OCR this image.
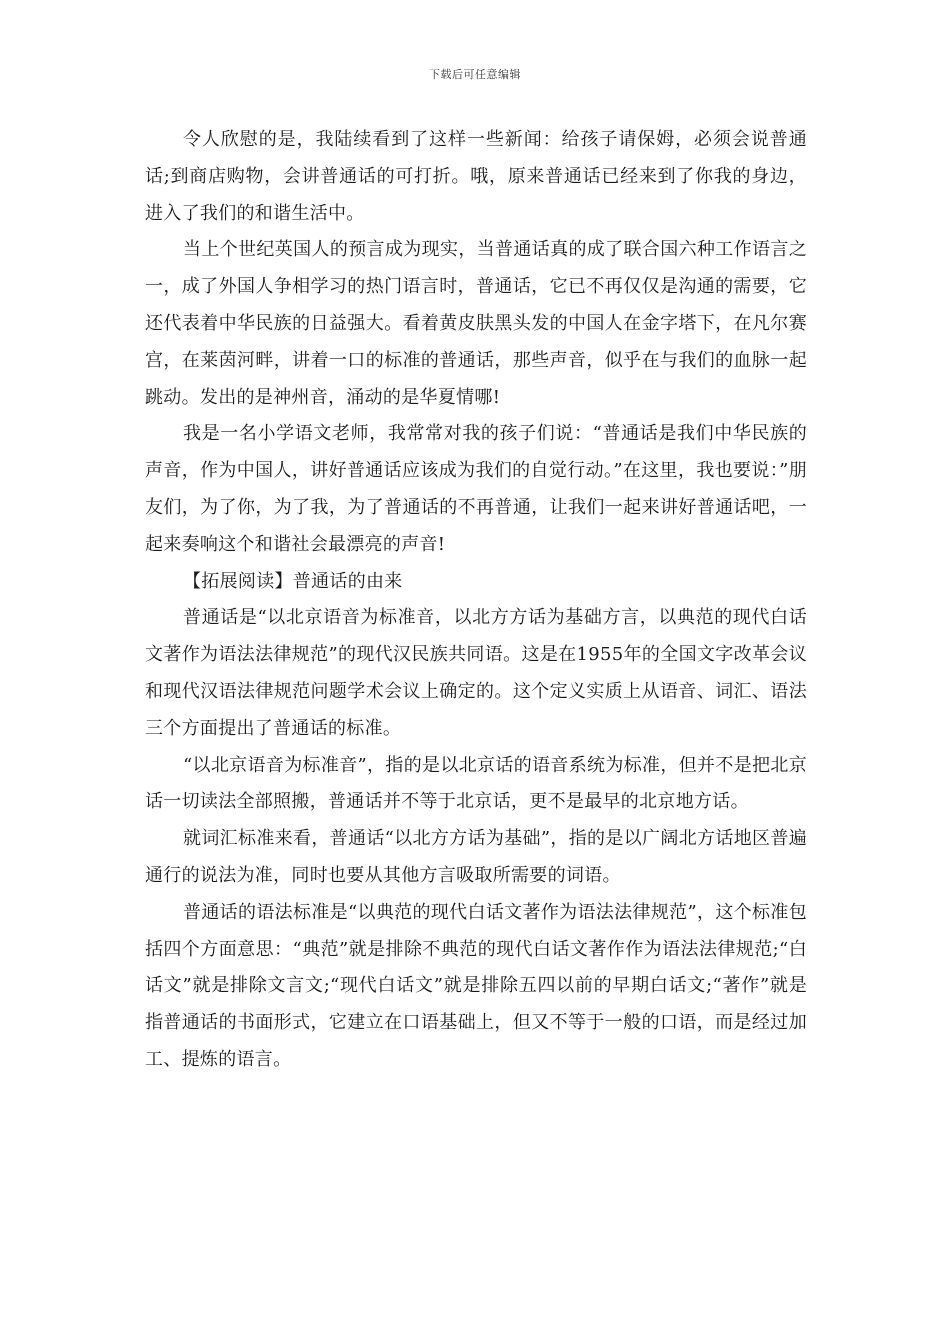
下载后可任意编辑

令人欣慰的是，我陆续看到了这样一些新闻：给孩子请保姆，必须会说普通话;到商店购物，会讲普通话的可打折。哦，原来普通话已经来到了你我的身边，进入了我们的和谐生活中。

当上个世纪英国人的预言成为现实，当普通话真的成了联合国六种工作语言之一，成了外国人争相学习的热门语言时，普通话，它已不再仅仅是沟通的需要，它还代表着中华民族的日益强大。看着黄皮肤黑头发的中国人在金字塔下，在凡尔赛宫，在莱茵河畔，讲着一口的标准的普通话，那些声音，似乎在与我们的血脉一起跳动。发出的是神州音，涌动的是华夏情哪!

我是一名小学语文老师，我常常对我的孩子们说：“普通话是我们中华民族的声音，作为中国人，讲好普通话应该成为我们的自觉行动。”在这里，我也要说：”朋友们，为了你，为了我，为了普通话的不再普通，让我们一起来讲好普通话吧，一起来奏响这个和谐社会最漂亮的声音!

【拓展阅读】普通话的由来

普通话是“以北京语音为标准音，以北方方话为基础方言，以典范的现代白话文著作为语法法律规范”的现代汉民族共同语。这是在1955年的全国文字改革会议和现代汉语法律规范问题学术会议上确定的。这个定义实质上从语音、词汇、语法三个方面提出了普通话的标准。

“以北京语音为标准音”，指的是以北京话的语音系统为标准，但并不是把北京话一切读法全部照搬，普通话并不等于北京话，更不是最早的北京地方话。

就词汇标准来看，普通话“以北方方话为基础”，指的是以广阔北方话地区普遍通行的说法为准，同时也要从其他方言吸取所需要的词语。

普通话的语法标准是“以典范的现代白话文著作为语法法律规范”，这个标准包括四个方面意思：“典范”就是排除不典范的现代白话文著作作为语法法律规范;“白话文”就是排除文言文;“现代白话文”就是排除五四以前的早期白话文;“著作”就是指普通话的书面形式，它建立在口语基础上，但又不等于一般的口语，而是经过加工、提炼的语言。
